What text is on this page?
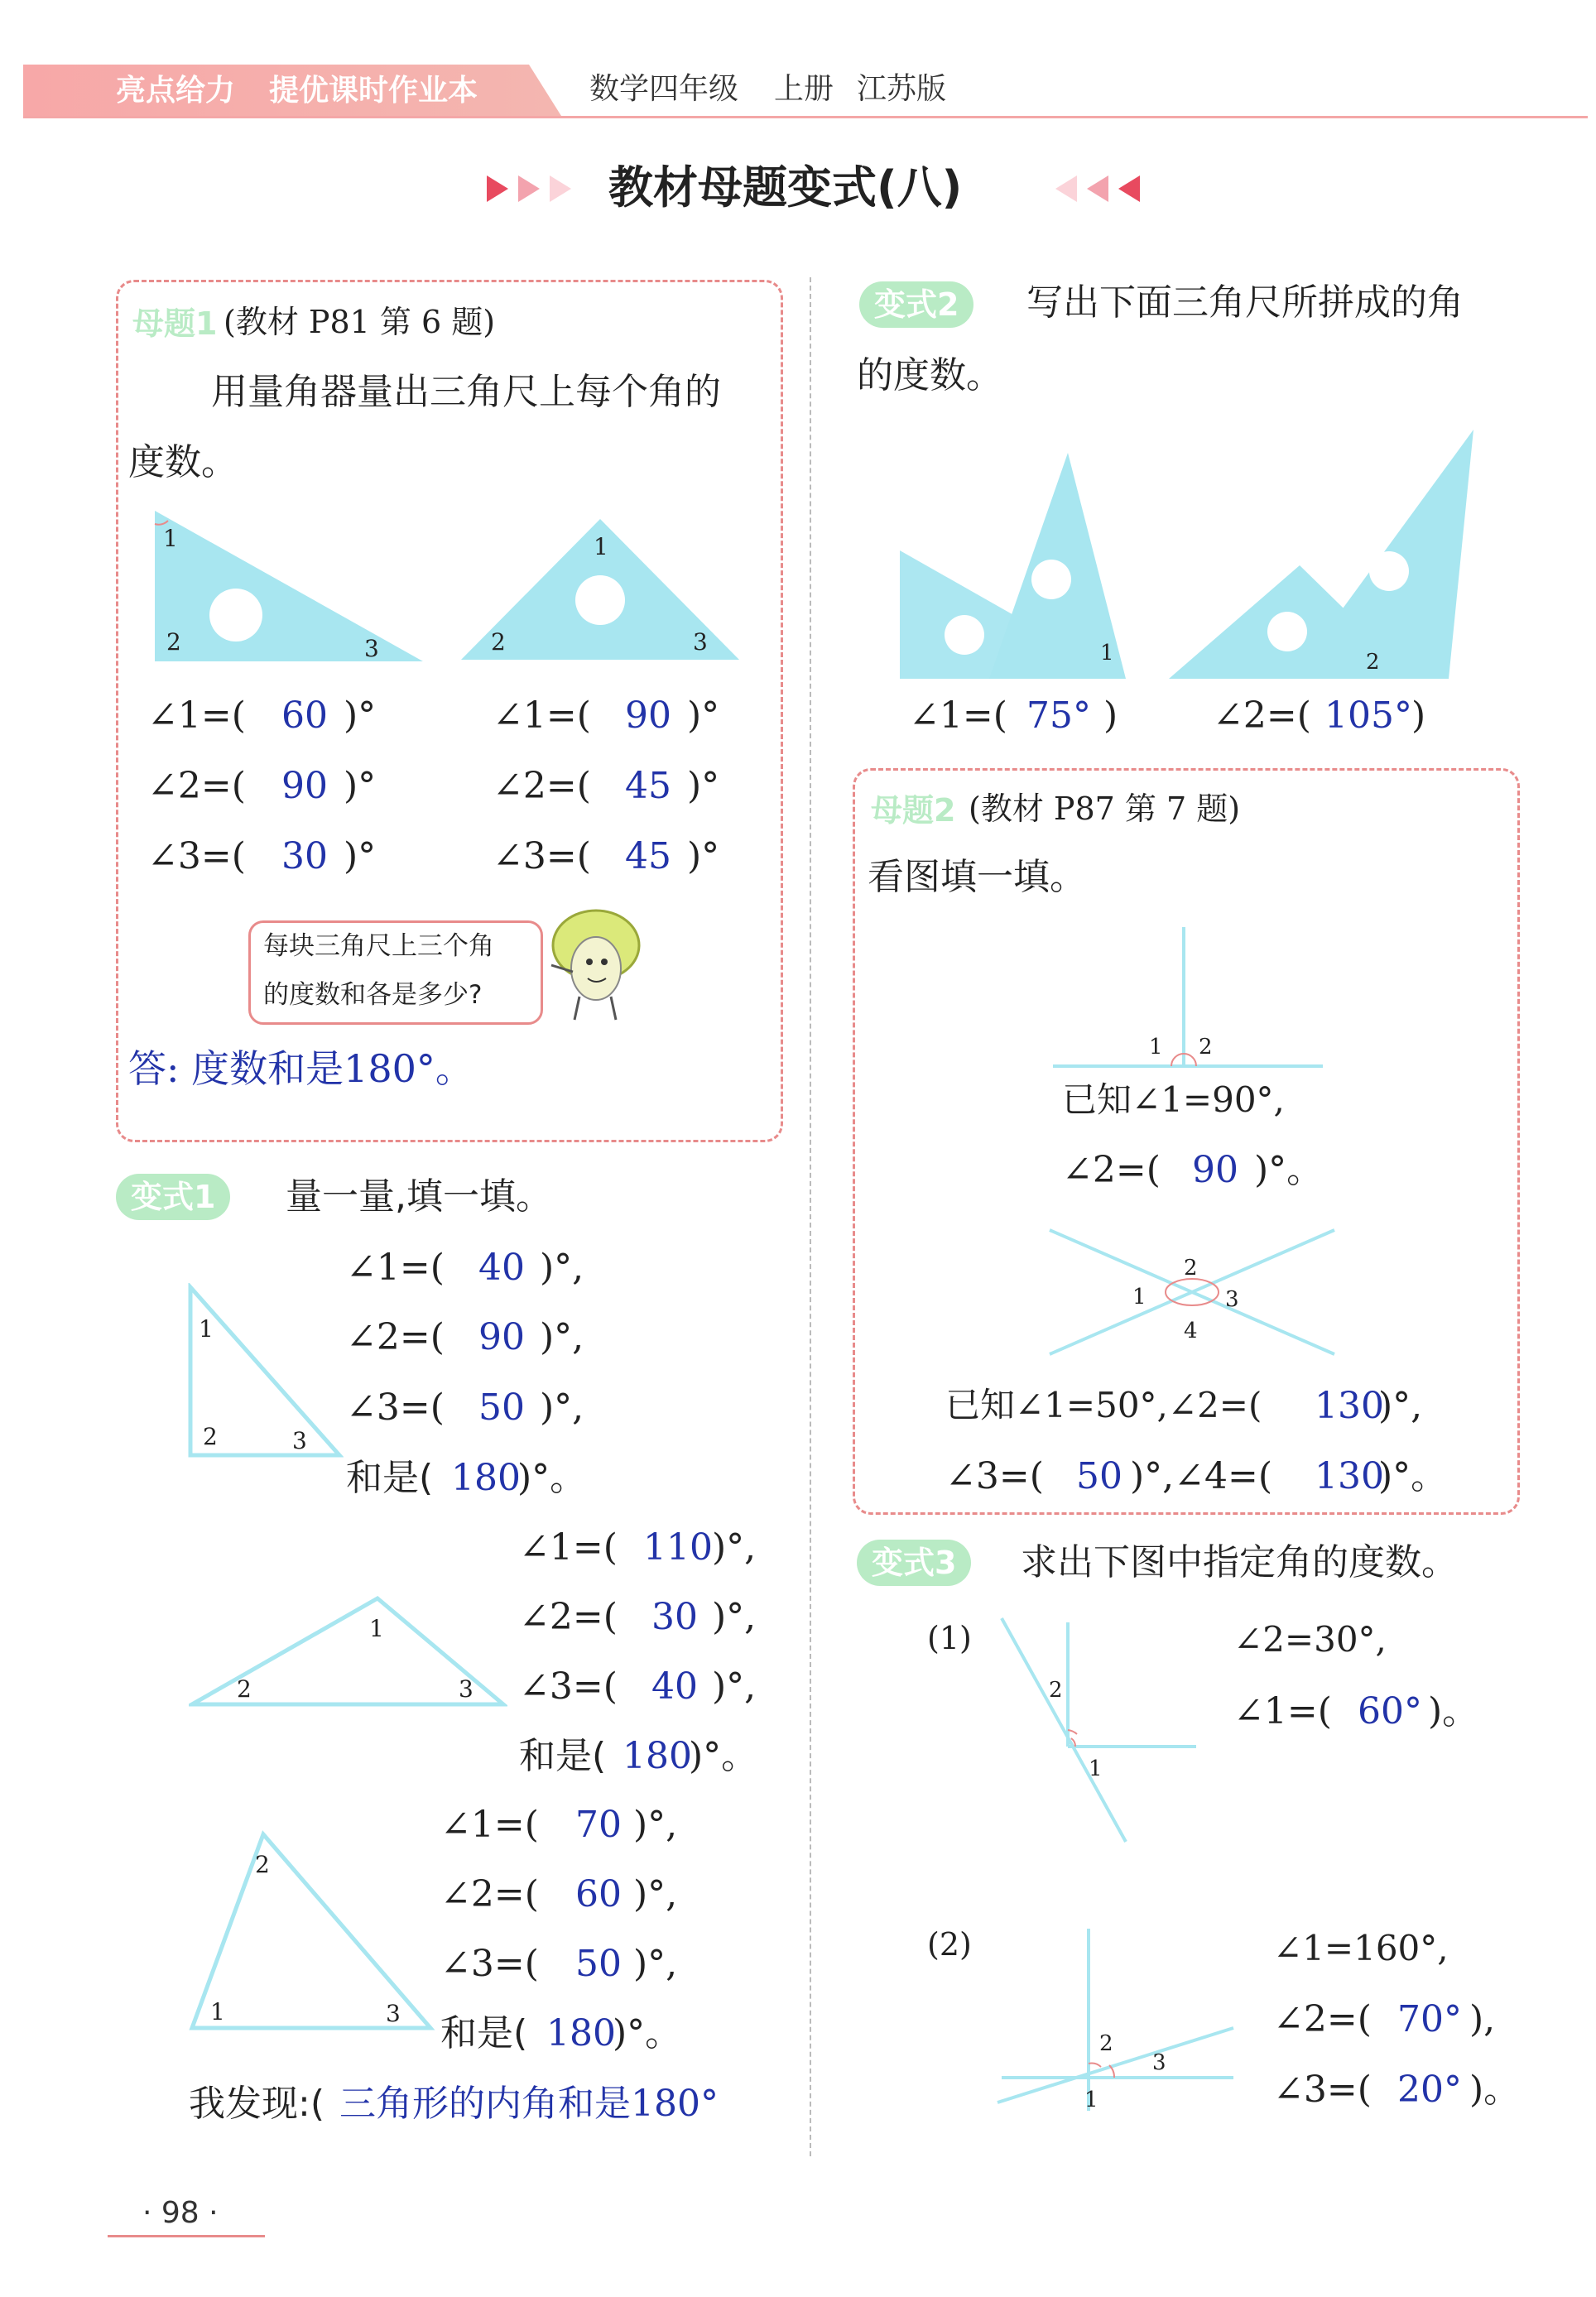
亮点给力 提优课时作业本	数学四年级 上册 江苏版
教材母题变式(八)
母题1 (教材 P81 第 6 题)
用量角器量出三角尺上每个角的
度数。
1
2	3
1
2	3
∠1=( 60 )°
∠2=( 90 )°
∠3=( 30 )°
∠1=( 90 )°
∠2=( 45 )°
∠3=( 45 )°
每块三角尺上三个角
的度数和各是多少?
答: 度数和是180°。
变式1	量一量,填一填。
1
2	3
∠1=( 40 )°,
∠2=( 90 )°,
∠3=( 50 )°,
和是( 180
)°。
1
2	3
∠1=( 110 )°,
∠2=( 30 )°,
∠3=( 40 )°,
和是( 180
)°。
2
1	3
∠1=( 70 )°,
∠2=( 60 )°,
∠3=( 50 )°,
和是( 180
)°。
我发现:( 三角形的内角和是180°
变式2	写出下面三角尺所拼成的角
的度数。
1	2
∠1=( 75° )	∠2=( 105° )
母题2 (教材 P87 第 7 题)
看图填一填。
1 2
已知∠1=90°,
∠2=( 90 )°。
2
1	3
4
已知∠1=50°,∠2=( 130
)°,
∠3=( 50 )°,∠4=( 130
)°。
变式3	求出下图中指定角的度数。
(1)
2
1
∠2=30°,
∠1=( 60° )。
(2)
2
3
1
∠1=160°,
∠2=( 70° ),
∠3=( 20° )。
· 98 ·
